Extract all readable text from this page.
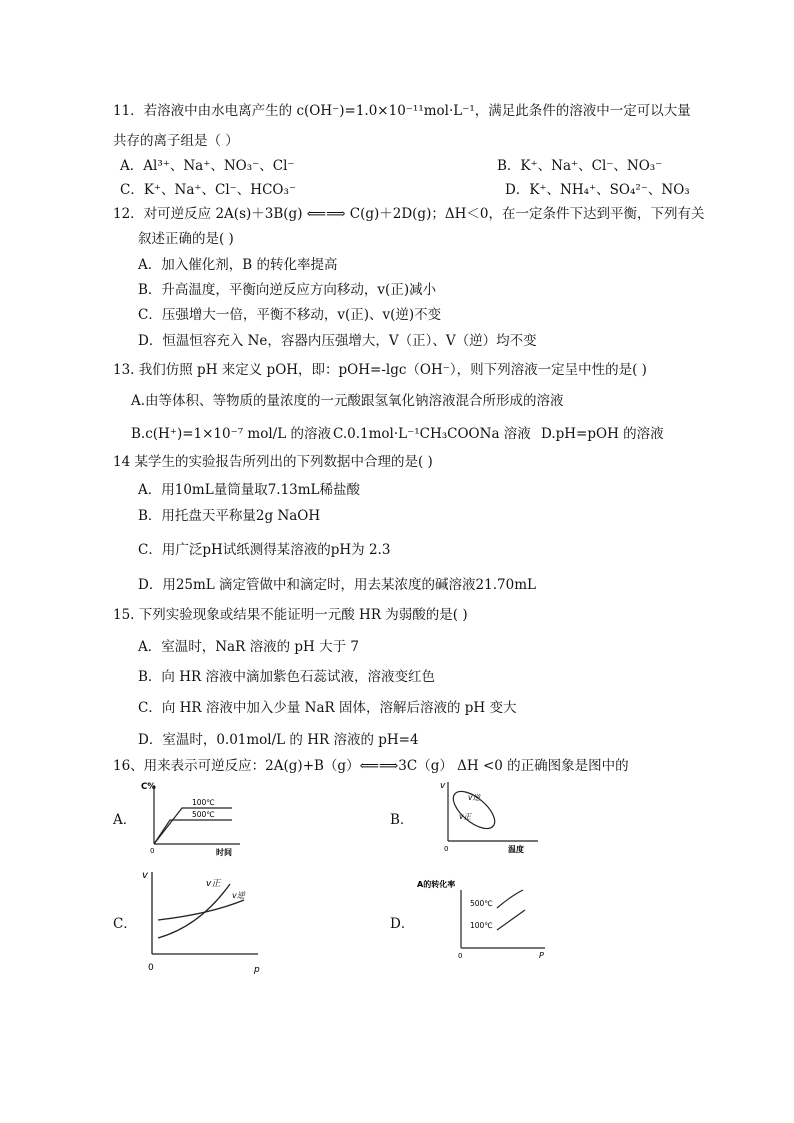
11．若溶液中由水电离产生的 c(OH⁻)=1.0×10⁻¹¹mol·L⁻¹，满足此条件的溶液中一定可以大量
共存的离子组是（ ）
A．Al³⁺、Na⁺、NO₃⁻、Cl⁻	B．K⁺、Na⁺、Cl⁻、NO₃⁻
C．K⁺、Na⁺、Cl⁻、HCO₃⁻	D．K⁺、NH₄⁺、SO₄²⁻、NO₃
12．对可逆反应 2A(s)＋3B(g) ⟸⟹ C(g)＋2D(g)；ΔH＜0，在一定条件下达到平衡，下列有关
叙述正确的是( )
A．加入催化剂，B 的转化率提高
B．升高温度，平衡向逆反应方向移动，v(正)减小
C．压强增大一倍，平衡不移动，v(正)、v(逆)不变
D．恒温恒容充入 Ne，容器内压强增大，V（正）、V（逆）均不变
13. 我们仿照 pH 来定义 pOH，即：pOH=-lgc（OH⁻），则下列溶液一定呈中性的是( )
A.由等体积、等物质的量浓度的一元酸跟氢氧化钠溶液混合所形成的溶液
B.c(H⁺)=1×10⁻⁷ mol/L 的溶液 C.0.1mol·L⁻¹CH₃COONa 溶液 D.pH=pOH 的溶液
14 某学生的实验报告所列出的下列数据中合理的是( )
A．用10mL量筒量取7.13mL稀盐酸
B．用托盘天平称量2g NaOH
C．用广泛pH试纸测得某溶液的pH为 2.3
D．用25mL 滴定管做中和滴定时，用去某浓度的碱溶液21.70mL
15. 下列实验现象或结果不能证明一元酸 HR 为弱酸的是( )
A．室温时，NaR 溶液的 pH 大于 7
B．向 HR 溶液中滴加紫色石蕊试液，溶液变红色
C．向 HR 溶液中加入少量 NaR 固体，溶解后溶液的 pH 变大
D．室温时，0.01mol/L 的 HR 溶液的 pH=4
16、用来表示可逆反应：2A(g)+B（g）⟸⟹3C（g） ΔH <0 的正确图象是图中的
A．	B．
C．	D．
C%
0	时间
100℃
500℃
v
0	温度
v逆
v正
v
0	p
v正
v逆
A的转化率
0	P
500℃
100℃
